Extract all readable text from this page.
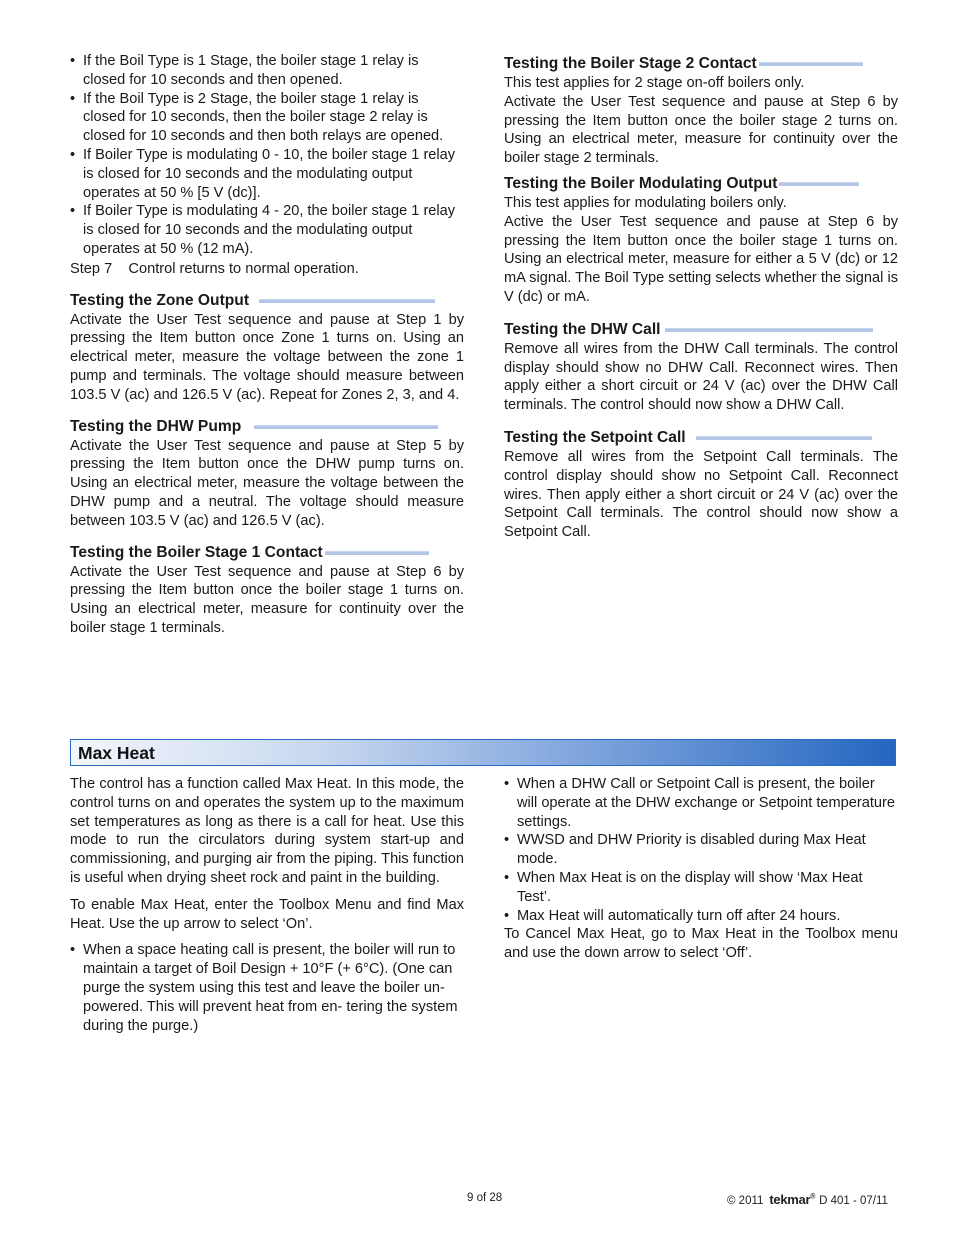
• If the Boil Type is 1 Stage, the boiler stage 1 relay is closed for 10 seconds and then opened.
• If the Boil Type is 2 Stage, the boiler stage 1 relay is closed for 10 seconds, then the boiler stage 2 relay is closed for 10 seconds and then both relays are opened.
• If Boiler Type is modulating 0 - 10, the boiler stage 1 relay is closed for 10 seconds and the modulating output operates at 50 % [5 V (dc)].
• If Boiler Type is modulating 4 - 20, the boiler stage 1 relay is closed for 10 seconds and the modulating output operates at 50 % (12 mA).
Step 7 Control returns to normal operation.
Testing the Zone Output

Activate the User Test sequence and pause at Step 1 by pressing the Item button once Zone 1 turns on. Using an electrical meter, measure the voltage between the zone 1 pump and terminals. The voltage should measure between 103.5 V (ac) and 126.5 V (ac). Repeat for Zones 2, 3, and 4.

Testing the DHW Pump

Activate the User Test sequence and pause at Step 5 by pressing the Item button once the DHW pump turns on. Using an electrical meter, measure the voltage between the DHW pump and a neutral. The voltage should measure between 103.5 V (ac) and 126.5 V (ac).

Testing the Boiler Stage 1 Contact

Activate the User Test sequence and pause at Step 6 by pressing the Item button once the boiler stage 1 turns on. Using an electrical meter, measure for continuity over the boiler stage 1 terminals.

Testing the Boiler Stage 2 Contact

This test applies for 2 stage on-off boilers only.
Activate the User Test sequence and pause at Step 6 by pressing the Item button once the boiler stage 2 turns on. Using an electrical meter, measure for continuity over the boiler stage 2 terminals.

Testing the Boiler Modulating Output

This test applies for modulating boilers only.
Active the User Test sequence and pause at Step 6 by pressing the Item button once the boiler stage 1 turns on. Using an electrical meter, measure for either a 5 V (dc) or 12 mA signal. The Boil Type setting selects whether the signal is V (dc) or mA.

Testing the DHW Call

Remove all wires from the DHW Call terminals. The control display should show no DHW Call. Reconnect wires. Then apply either a short circuit or 24 V (ac) over the DHW Call terminals. The control should now show a DHW Call.

Testing the Setpoint Call

Remove all wires from the Setpoint Call terminals. The control display should show no Setpoint Call. Reconnect wires. Then apply either a short circuit or 24 V (ac) over the Setpoint Call terminals. The control should now show a Setpoint Call.

Max Heat

The control has a function called Max Heat. In this mode, the control turns on and operates the system up to the maximum set temperatures as long as there is a call for heat. Use this mode to run the circulators during system start-up and commissioning, and purging air from the piping. This function is useful when drying sheet rock and paint in the building.

To enable Max Heat, enter the Toolbox Menu and find Max Heat. Use the up arrow to select ‘On’.

• When a space heating call is present, the boiler will run to maintain a target of Boil Design + 10°F (+ 6°C). (One can purge the system using this test and leave the boiler un-powered. This will prevent heat from en- tering the system during the purge.)
• When a DHW Call or Setpoint Call is present, the boiler will operate at the DHW exchange or Setpoint temperature settings.
• WWSD and DHW Priority is disabled during Max Heat mode.
• When Max Heat is on the display will show ‘Max Heat Test’.
• Max Heat will automatically turn off after 24 hours.

To Cancel Max Heat, go to Max Heat in the Toolbox menu and use the down arrow to select ‘Off’.

9 of 28	© 2011 tekmar® D 401 - 07/11
